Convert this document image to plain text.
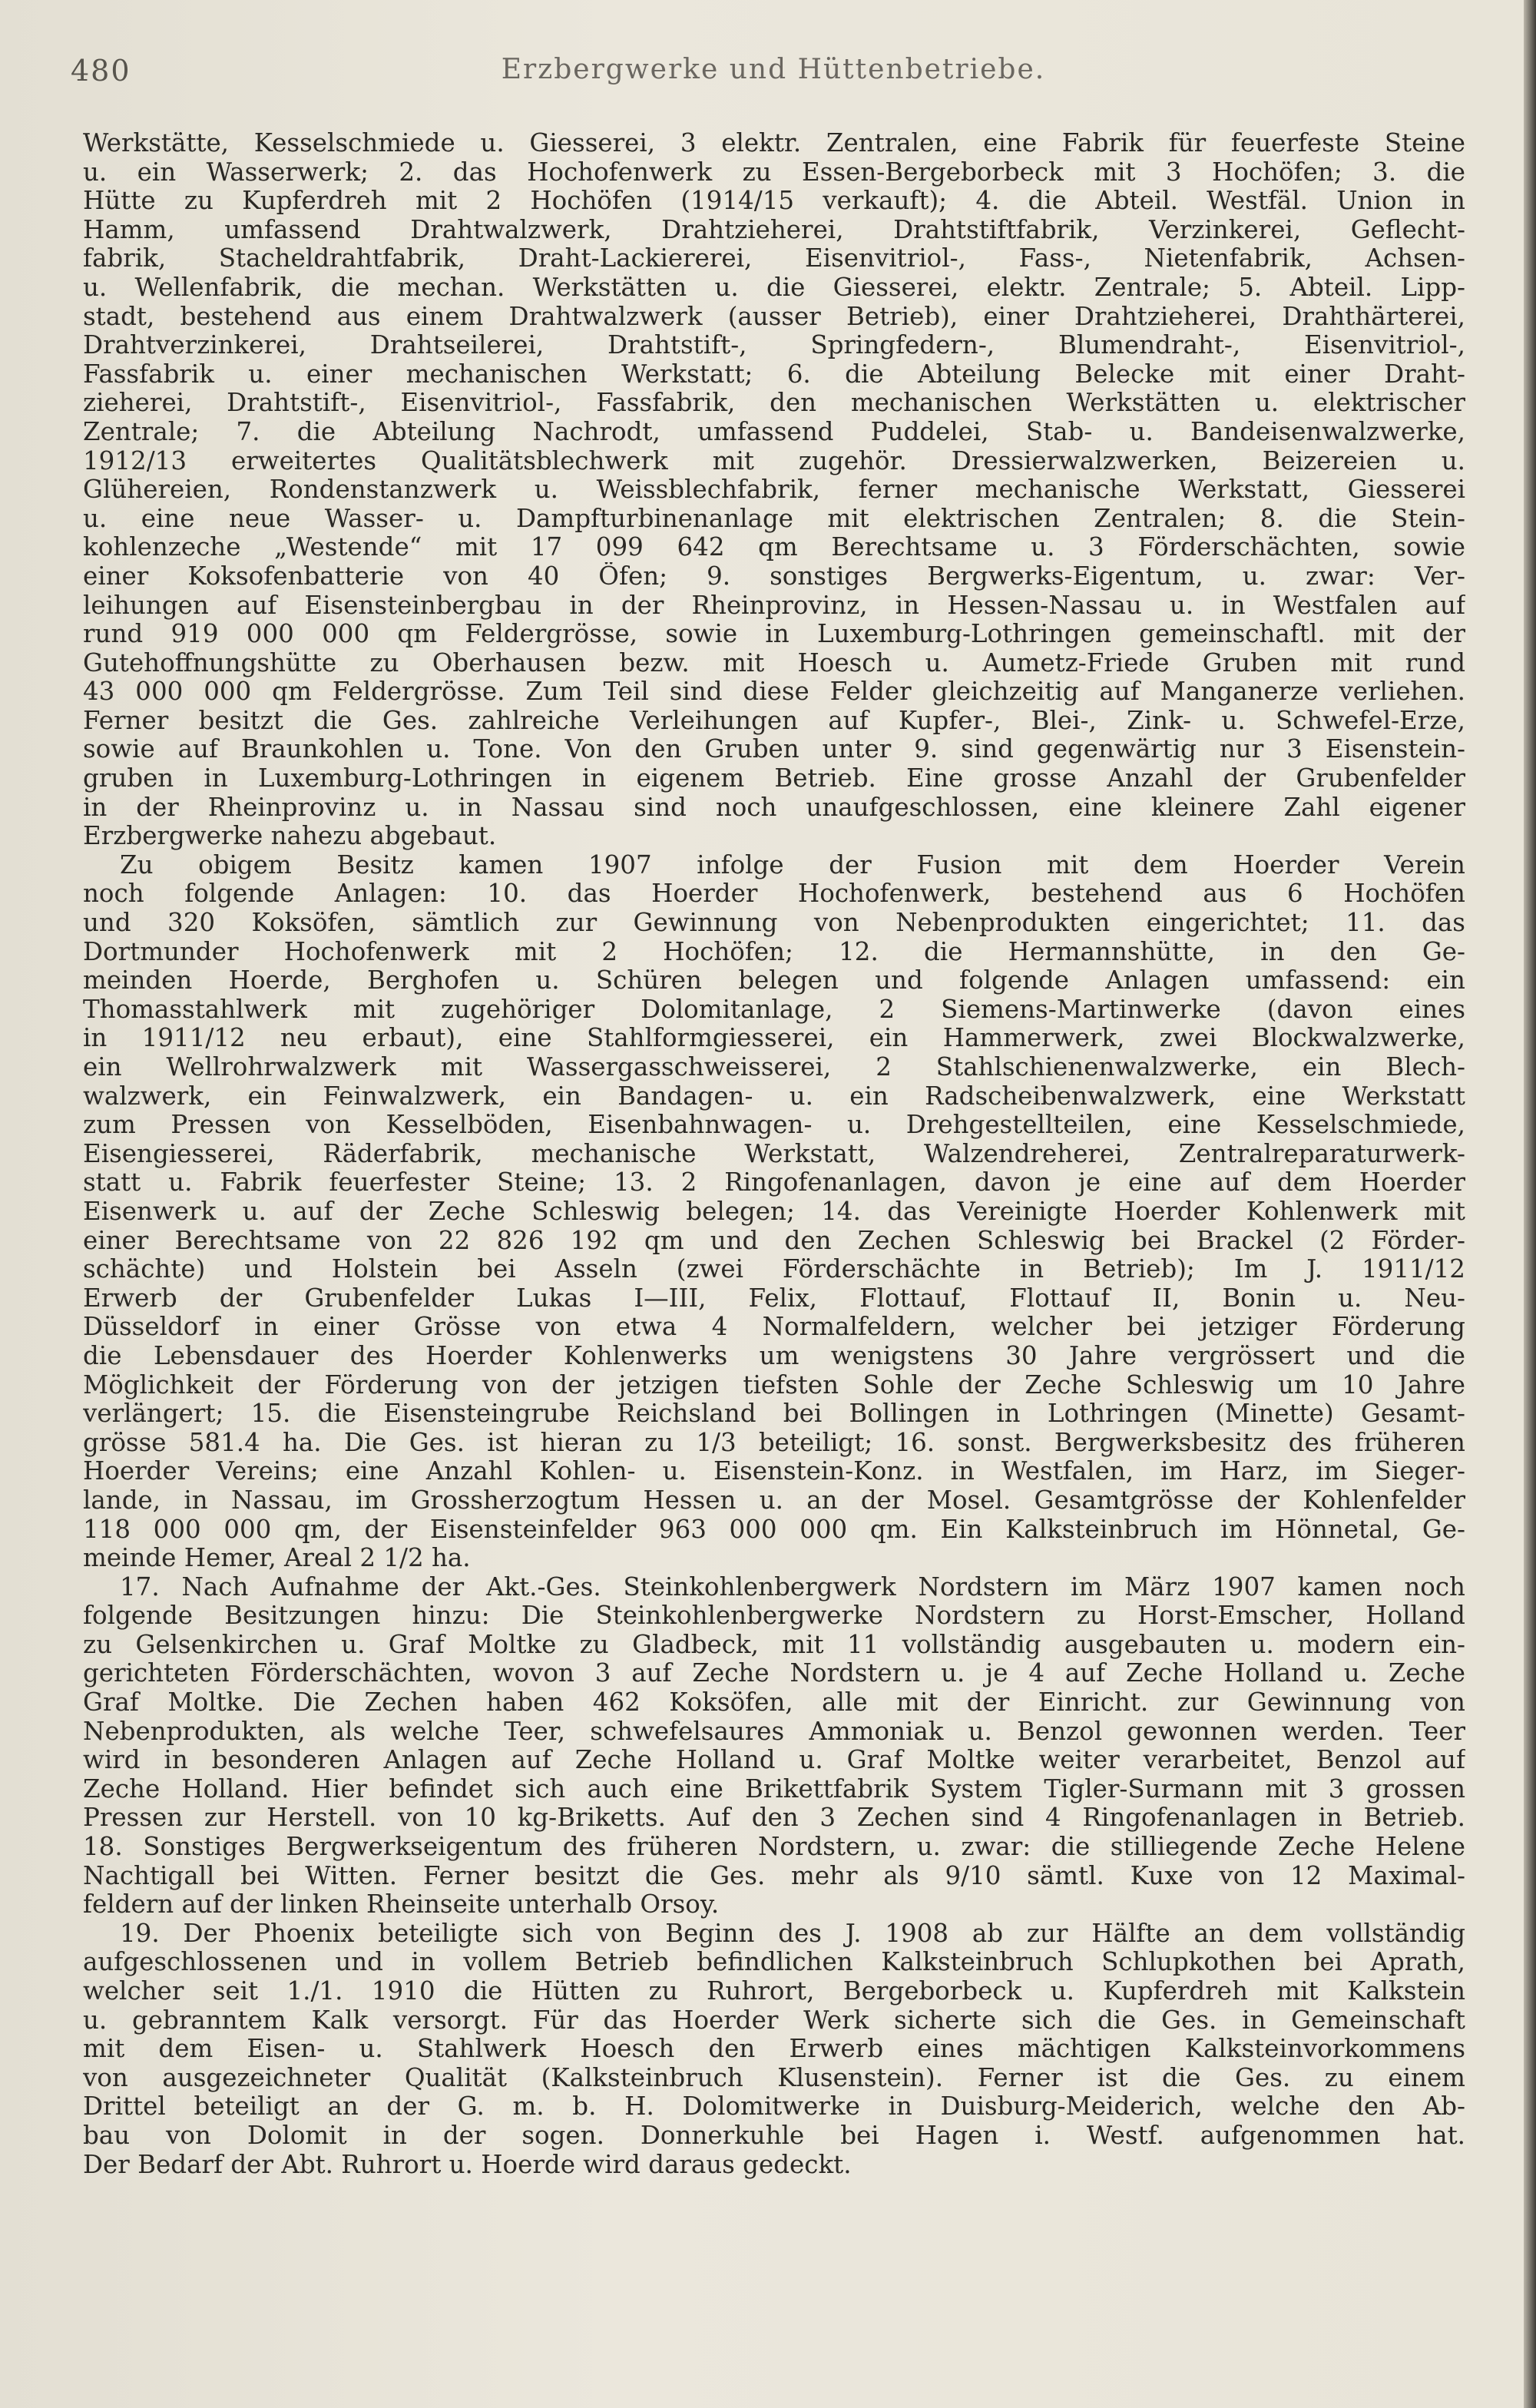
480	Erzbergwerke und Hüttenbetriebe.
Werkstätte, Kesselschmiede u. Giesserei, 3 elektr. Zentralen, eine Fabrik für feuerfeste Steine
u. ein Wasserwerk; 2. das Hochofenwerk zu Essen-Bergeborbeck mit 3 Hochöfen; 3. die
Hütte zu Kupferdreh mit 2 Hochöfen (1914/15 verkauft); 4. die Abteil. Westfäl. Union in
Hamm, umfassend Drahtwalzwerk, Drahtzieherei, Drahtstiftfabrik, Verzinkerei, Geflecht-
fabrik, Stacheldrahtfabrik, Draht-Lackiererei, Eisenvitriol-, Fass-, Nietenfabrik, Achsen-
u. Wellenfabrik, die mechan. Werkstätten u. die Giesserei, elektr. Zentrale; 5. Abteil. Lipp-
stadt, bestehend aus einem Drahtwalzwerk (ausser Betrieb), einer Drahtzieherei, Drahthärterei,
Drahtverzinkerei, Drahtseilerei, Drahtstift-, Springfedern-, Blumendraht-, Eisenvitriol-,
Fassfabrik u. einer mechanischen Werkstatt; 6. die Abteilung Belecke mit einer Draht-
zieherei, Drahtstift-, Eisenvitriol-, Fassfabrik, den mechanischen Werkstätten u. elektrischer
Zentrale; 7. die Abteilung Nachrodt, umfassend Puddelei, Stab- u. Bandeisenwalzwerke,
1912/13 erweitertes Qualitätsblechwerk mit zugehör. Dressierwalzwerken, Beizereien u.
Glühereien, Rondenstanzwerk u. Weissblechfabrik, ferner mechanische Werkstatt, Giesserei
u. eine neue Wasser- u. Dampfturbinenanlage mit elektrischen Zentralen; 8. die Stein-
kohlenzeche „Westende“ mit 17 099 642 qm Berechtsame u. 3 Förderschächten, sowie
einer Koksofenbatterie von 40 Öfen; 9. sonstiges Bergwerks-Eigentum, u. zwar: Ver-
leihungen auf Eisensteinbergbau in der Rheinprovinz, in Hessen-Nassau u. in Westfalen auf
rund 919 000 000 qm Feldergrösse, sowie in Luxemburg-Lothringen gemeinschaftl. mit der
Gutehoffnungshütte zu Oberhausen bezw. mit Hoesch u. Aumetz-Friede Gruben mit rund
43 000 000 qm Feldergrösse. Zum Teil sind diese Felder gleichzeitig auf Manganerze verliehen.
Ferner besitzt die Ges. zahlreiche Verleihungen auf Kupfer-, Blei-, Zink- u. Schwefel-Erze,
sowie auf Braunkohlen u. Tone. Von den Gruben unter 9. sind gegenwärtig nur 3 Eisenstein-
gruben in Luxemburg-Lothringen in eigenem Betrieb. Eine grosse Anzahl der Grubenfelder
in der Rheinprovinz u. in Nassau sind noch unaufgeschlossen, eine kleinere Zahl eigener
Erzbergwerke nahezu abgebaut.
Zu obigem Besitz kamen 1907 infolge der Fusion mit dem Hoerder Verein
noch folgende Anlagen: 10. das Hoerder Hochofenwerk, bestehend aus 6 Hochöfen
und 320 Koksöfen, sämtlich zur Gewinnung von Nebenprodukten eingerichtet; 11. das
Dortmunder Hochofenwerk mit 2 Hochöfen; 12. die Hermannshütte, in den Ge-
meinden Hoerde, Berghofen u. Schüren belegen und folgende Anlagen umfassend: ein
Thomasstahlwerk mit zugehöriger Dolomitanlage, 2 Siemens-Martinwerke (davon eines
in 1911/12 neu erbaut), eine Stahlformgiesserei, ein Hammerwerk, zwei Blockwalzwerke,
ein Wellrohrwalzwerk mit Wassergasschweisserei, 2 Stahlschienenwalzwerke, ein Blech-
walzwerk, ein Feinwalzwerk, ein Bandagen- u. ein Radscheibenwalzwerk, eine Werkstatt
zum Pressen von Kesselböden, Eisenbahnwagen- u. Drehgestellteilen, eine Kesselschmiede,
Eisengiesserei, Räderfabrik, mechanische Werkstatt, Walzendreherei, Zentralreparaturwerk-
statt u. Fabrik feuerfester Steine; 13. 2 Ringofenanlagen, davon je eine auf dem Hoerder
Eisenwerk u. auf der Zeche Schleswig belegen; 14. das Vereinigte Hoerder Kohlenwerk mit
einer Berechtsame von 22 826 192 qm und den Zechen Schleswig bei Brackel (2 Förder-
schächte) und Holstein bei Asseln (zwei Förderschächte in Betrieb); Im J. 1911/12
Erwerb der Grubenfelder Lukas I—III, Felix, Flottauf, Flottauf II, Bonin u. Neu-
Düsseldorf in einer Grösse von etwa 4 Normalfeldern, welcher bei jetziger Förderung
die Lebensdauer des Hoerder Kohlenwerks um wenigstens 30 Jahre vergrössert und die
Möglichkeit der Förderung von der jetzigen tiefsten Sohle der Zeche Schleswig um 10 Jahre
verlängert; 15. die Eisensteingrube Reichsland bei Bollingen in Lothringen (Minette) Gesamt-
grösse 581.4 ha. Die Ges. ist hieran zu 1/3 beteiligt; 16. sonst. Bergwerksbesitz des früheren
Hoerder Vereins; eine Anzahl Kohlen- u. Eisenstein-Konz. in Westfalen, im Harz, im Sieger-
lande, in Nassau, im Grossherzogtum Hessen u. an der Mosel. Gesamtgrösse der Kohlenfelder
118 000 000 qm, der Eisensteinfelder 963 000 000 qm. Ein Kalksteinbruch im Hönnetal, Ge-
meinde Hemer, Areal 2 1/2 ha.
17. Nach Aufnahme der Akt.-Ges. Steinkohlenbergwerk Nordstern im März 1907 kamen noch
folgende Besitzungen hinzu: Die Steinkohlenbergwerke Nordstern zu Horst-Emscher, Holland
zu Gelsenkirchen u. Graf Moltke zu Gladbeck, mit 11 vollständig ausgebauten u. modern ein-
gerichteten Förderschächten, wovon 3 auf Zeche Nordstern u. je 4 auf Zeche Holland u. Zeche
Graf Moltke. Die Zechen haben 462 Koksöfen, alle mit der Einricht. zur Gewinnung von
Nebenprodukten, als welche Teer, schwefelsaures Ammoniak u. Benzol gewonnen werden. Teer
wird in besonderen Anlagen auf Zeche Holland u. Graf Moltke weiter verarbeitet, Benzol auf
Zeche Holland. Hier befindet sich auch eine Brikettfabrik System Tigler-Surmann mit 3 grossen
Pressen zur Herstell. von 10 kg-Briketts. Auf den 3 Zechen sind 4 Ringofenanlagen in Betrieb.
18. Sonstiges Bergwerkseigentum des früheren Nordstern, u. zwar: die stilliegende Zeche Helene
Nachtigall bei Witten. Ferner besitzt die Ges. mehr als 9/10 sämtl. Kuxe von 12 Maximal-
feldern auf der linken Rheinseite unterhalb Orsoy.
19. Der Phoenix beteiligte sich von Beginn des J. 1908 ab zur Hälfte an dem vollständig
aufgeschlossenen und in vollem Betrieb befindlichen Kalksteinbruch Schlupkothen bei Aprath,
welcher seit 1./1. 1910 die Hütten zu Ruhrort, Bergeborbeck u. Kupferdreh mit Kalkstein
u. gebranntem Kalk versorgt. Für das Hoerder Werk sicherte sich die Ges. in Gemeinschaft
mit dem Eisen- u. Stahlwerk Hoesch den Erwerb eines mächtigen Kalksteinvorkommens
von ausgezeichneter Qualität (Kalksteinbruch Klusenstein). Ferner ist die Ges. zu einem
Drittel beteiligt an der G. m. b. H. Dolomitwerke in Duisburg-Meiderich, welche den Ab-
bau von Dolomit in der sogen. Donnerkuhle bei Hagen i. Westf. aufgenommen hat.
Der Bedarf der Abt. Ruhrort u. Hoerde wird daraus gedeckt.
